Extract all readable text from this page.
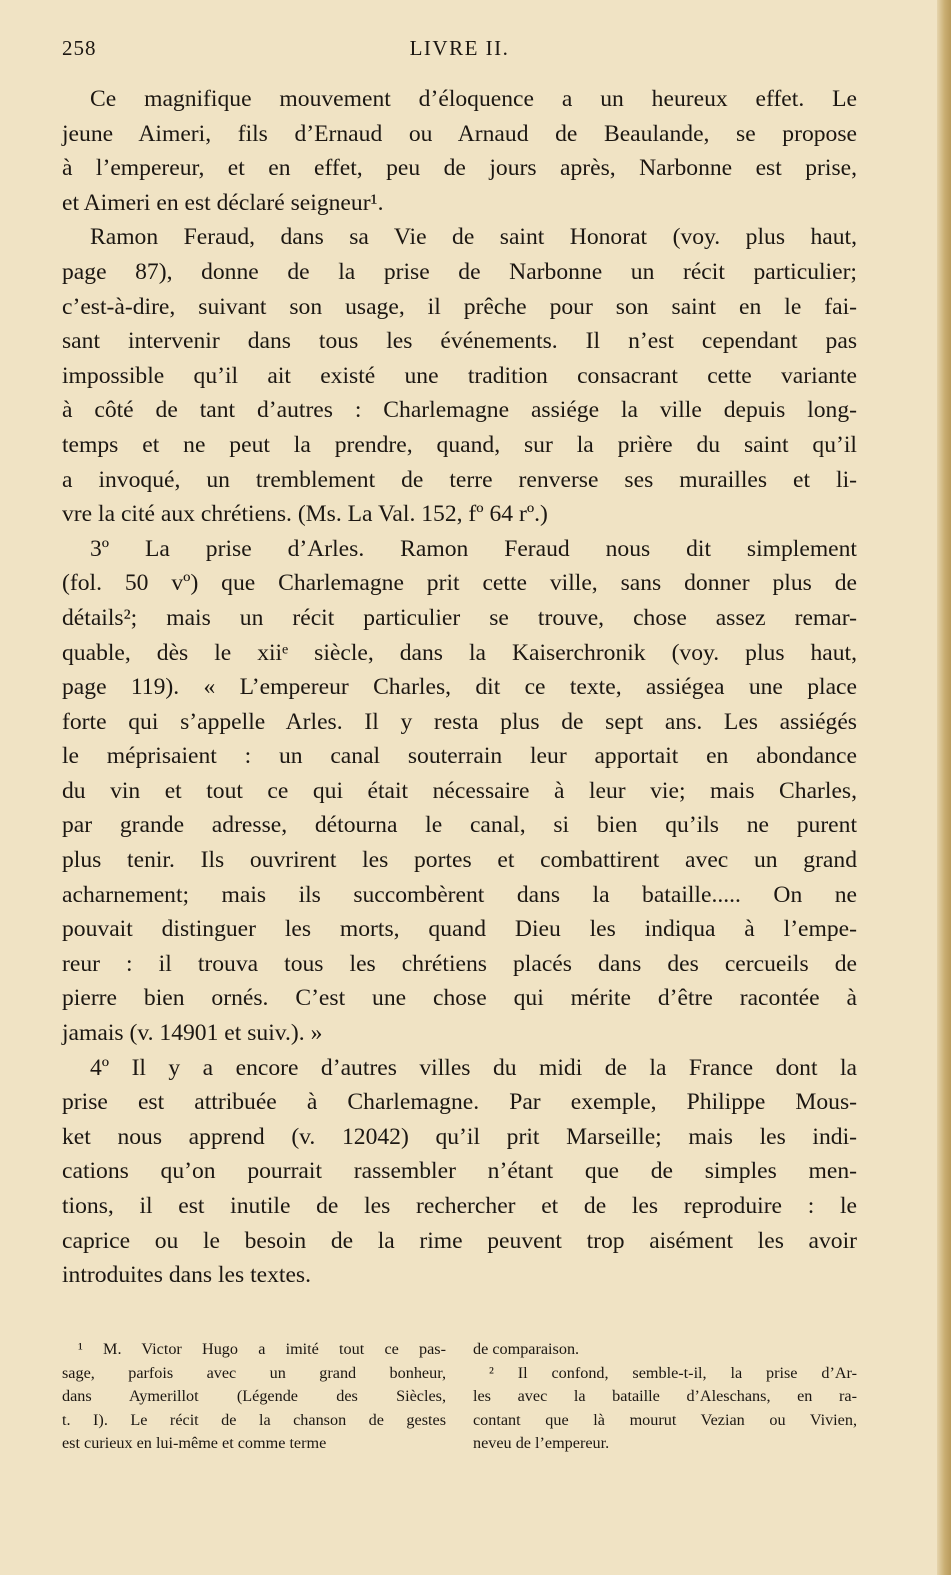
258	LIVRE II.

Ce magnifique mouvement d’éloquence a un heureux effet. Le
jeune Aimeri, fils d’Ernaud ou Arnaud de Beaulande, se propose
à l’empereur, et en effet, peu de jours après, Narbonne est prise,
et Aimeri en est déclaré seigneur¹.

Ramon Feraud, dans sa Vie de saint Honorat (voy. plus haut,
page 87), donne de la prise de Narbonne un récit particulier;
c’est-à-dire, suivant son usage, il prêche pour son saint en le fai-
sant intervenir dans tous les événements. Il n’est cependant pas
impossible qu’il ait existé une tradition consacrant cette variante
à côté de tant d’autres : Charlemagne assiége la ville depuis long-
temps et ne peut la prendre, quand, sur la prière du saint qu’il
a invoqué, un tremblement de terre renverse ses murailles et li-
vre la cité aux chrétiens. (Ms. La Val. 152, fº 64 rº.)

3º La prise d’Arles. Ramon Feraud nous dit simplement
(fol. 50 vº) que Charlemagne prit cette ville, sans donner plus de
détails²; mais un récit particulier se trouve, chose assez remar-
quable, dès le xiiᵉ siècle, dans la Kaiserchronik (voy. plus haut,
page 119). « L’empereur Charles, dit ce texte, assiégea une place
forte qui s’appelle Arles. Il y resta plus de sept ans. Les assiégés
le méprisaient : un canal souterrain leur apportait en abondance
du vin et tout ce qui était nécessaire à leur vie; mais Charles,
par grande adresse, détourna le canal, si bien qu’ils ne purent
plus tenir. Ils ouvrirent les portes et combattirent avec un grand
acharnement; mais ils succombèrent dans la bataille..... On ne
pouvait distinguer les morts, quand Dieu les indiqua à l’empe-
reur : il trouva tous les chrétiens placés dans des cercueils de
pierre bien ornés. C’est une chose qui mérite d’être racontée à
jamais (v. 14901 et suiv.). »

4º Il y a encore d’autres villes du midi de la France dont la
prise est attribuée à Charlemagne. Par exemple, Philippe Mous-
ket nous apprend (v. 12042) qu’il prit Marseille; mais les indi-
cations qu’on pourrait rassembler n’étant que de simples men-
tions, il est inutile de les rechercher et de les reproduire : le
caprice ou le besoin de la rime peuvent trop aisément les avoir
introduites dans les textes.

¹ M. Victor Hugo a imité tout ce pas-
sage, parfois avec un grand bonheur,
dans Aymerillot (Légende des Siècles,
t. I). Le récit de la chanson de gestes
est curieux en lui-même et comme terme
de comparaison.
² Il confond, semble-t-il, la prise d’Ar-
les avec la bataille d’Aleschans, en ra-
contant que là mourut Vezian ou Vivien,
neveu de l’empereur.
